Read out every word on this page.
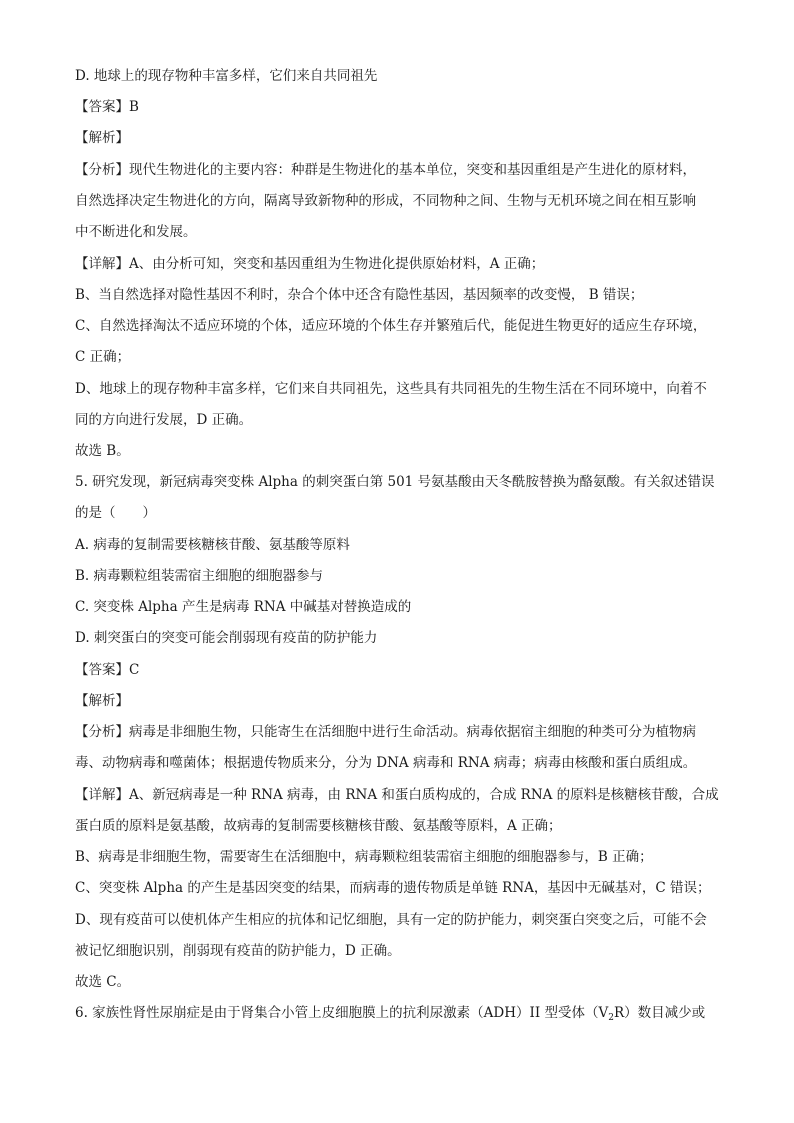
D. 地球上的现存物种丰富多样，它们来自共同祖先
【答案】B
【解析】
【分析】现代生物进化的主要内容：种群是生物进化的基本单位，突变和基因重组是产生进化的原材料，
自然选择决定生物进化的方向，隔离导致新物种的形成，不同物种之间、生物与无机环境之间在相互影响
中不断进化和发展。
【详解】A、由分析可知，突变和基因重组为生物进化提供原始材料，A 正确；
B、当自然选择对隐性基因不利时，杂合个体中还含有隐性基因，基因频率的改变慢， B 错误；
C、自然选择淘汰不适应环境的个体，适应环境的个体生存并繁殖后代，能促进生物更好的适应生存环境，
C 正确；
D、地球上的现存物种丰富多样，它们来自共同祖先，这些具有共同祖先的生物生活在不同环境中，向着不
同的方向进行发展，D 正确。
故选 B。
5. 研究发现，新冠病毒突变株 Alpha 的刺突蛋白第 501 号氨基酸由天冬酰胺替换为酪氨酸。有关叙述错误
的是（　　）
A. 病毒的复制需要核糖核苷酸、氨基酸等原料
B. 病毒颗粒组装需宿主细胞的细胞器参与
C. 突变株 Alpha 产生是病毒 RNA 中碱基对替换造成的
D. 刺突蛋白的突变可能会削弱现有疫苗的防护能力
【答案】C
【解析】
【分析】病毒是非细胞生物，只能寄生在活细胞中进行生命活动。病毒依据宿主细胞的种类可分为植物病
毒、动物病毒和噬菌体；根据遗传物质来分，分为 DNA 病毒和 RNA 病毒；病毒由核酸和蛋白质组成。
【详解】A、新冠病毒是一种 RNA 病毒，由 RNA 和蛋白质构成的，合成 RNA 的原料是核糖核苷酸，合成
蛋白质的原料是氨基酸，故病毒的复制需要核糖核苷酸、氨基酸等原料，A 正确；
B、病毒是非细胞生物，需要寄生在活细胞中，病毒颗粒组装需宿主细胞的细胞器参与，B 正确；
C、突变株 Alpha 的产生是基因突变的结果，而病毒的遗传物质是单链 RNA，基因中无碱基对，C 错误；
D、现有疫苗可以使机体产生相应的抗体和记忆细胞，具有一定的防护能力，刺突蛋白突变之后，可能不会
被记忆细胞识别，削弱现有疫苗的防护能力，D 正确。
故选 C。
6. 家族性肾性尿崩症是由于肾集合小管上皮细胞膜上的抗利尿激素（ADH）II 型受体$(V_2R)$数目减少或
